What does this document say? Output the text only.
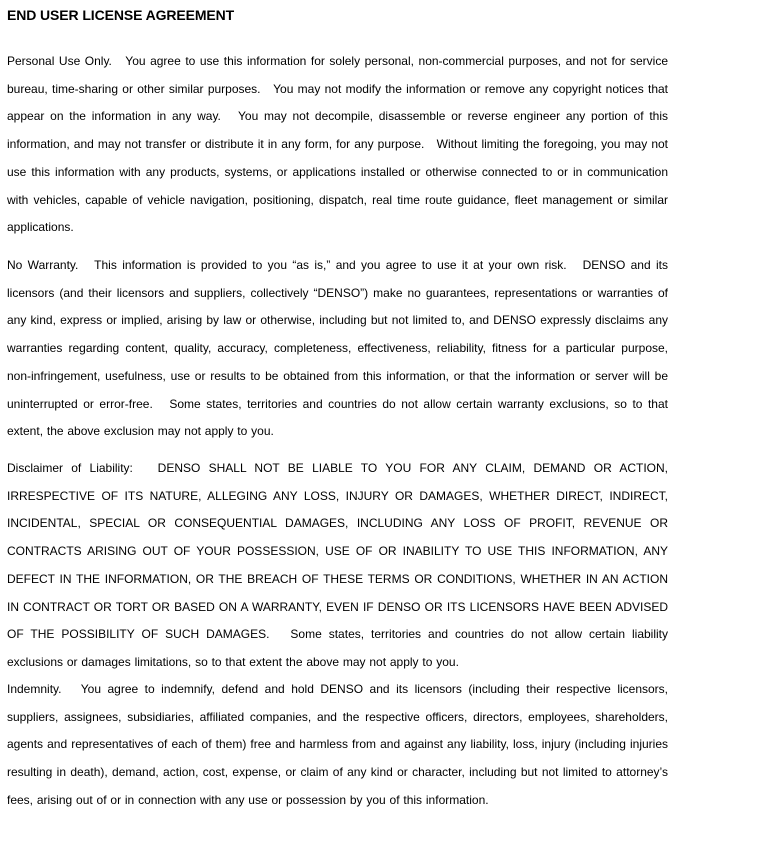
END USER LICENSE AGREEMENT
Personal Use Only.   You agree to use this information for solely personal, non-commercial purposes, and not for service bureau, time-sharing or other similar purposes.   You may not modify the information or remove any copyright notices that appear on the information in any way.   You may not decompile, disassemble or reverse engineer any portion of this information, and may not transfer or distribute it in any form, for any purpose.   Without limiting the foregoing, you may not use this information with any products, systems, or applications installed or otherwise connected to or in communication with vehicles, capable of vehicle navigation, positioning, dispatch, real time route guidance, fleet management or similar applications.
No Warranty.   This information is provided to you “as is,” and you agree to use it at your own risk.   DENSO and its licensors (and their licensors and suppliers, collectively “DENSO”) make no guarantees, representations or warranties of any kind, express or implied, arising by law or otherwise, including but not limited to, and DENSO expressly disclaims any warranties regarding content, quality, accuracy, completeness, effectiveness, reliability, fitness for a particular purpose, non-infringement, usefulness, use or results to be obtained from this information, or that the information or server will be uninterrupted or error-free.   Some states, territories and countries do not allow certain warranty exclusions, so to that extent, the above exclusion may not apply to you.
Disclaimer of Liability:   DENSO SHALL NOT BE LIABLE TO YOU FOR ANY CLAIM, DEMAND OR ACTION, IRRESPECTIVE OF ITS NATURE, ALLEGING ANY LOSS, INJURY OR DAMAGES, WHETHER DIRECT, INDIRECT, INCIDENTAL, SPECIAL OR CONSEQUENTIAL DAMAGES, INCLUDING ANY LOSS OF PROFIT, REVENUE OR CONTRACTS ARISING OUT OF YOUR POSSESSION, USE OF OR INABILITY TO USE THIS INFORMATION, ANY DEFECT IN THE INFORMATION, OR THE BREACH OF THESE TERMS OR CONDITIONS, WHETHER IN AN ACTION IN CONTRACT OR TORT OR BASED ON A WARRANTY, EVEN IF DENSO OR ITS LICENSORS HAVE BEEN ADVISED OF THE POSSIBILITY OF SUCH DAMAGES.   Some states, territories and countries do not allow certain liability exclusions or damages limitations, so to that extent the above may not apply to you.
Indemnity.   You agree to indemnify, defend and hold DENSO and its licensors (including their respective licensors, suppliers, assignees, subsidiaries, affiliated companies, and the respective officers, directors, employees, shareholders, agents and representatives of each of them) free and harmless from and against any liability, loss, injury (including injuries resulting in death), demand, action, cost, expense, or claim of any kind or character, including but not limited to attorney’s fees, arising out of or in connection with any use or possession by you of this information.
